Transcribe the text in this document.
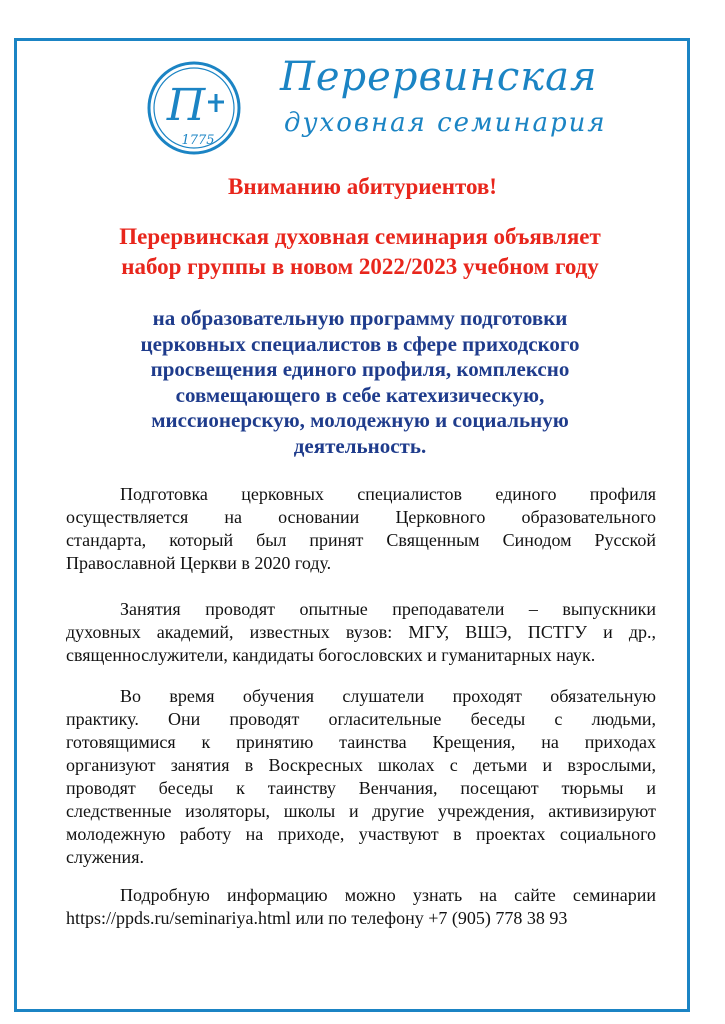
П
1775
Перервинская
духовная семинария
Вниманию абитуриентов!
Перервинская духовная семинария объявляет
набор группы в новом 2022/2023 учебном году
на образовательную программу подготовки
церковных специалистов в сфере приходского
просвещения единого профиля, комплексно
совмещающего в себе катехизическую,
миссионерскую, молодежную и социальную
деятельность.
Подготовка церковных специалистов единого профиля
осуществляется на основании Церковного образовательного
стандарта, который был принят Священным Синодом Русской
Православной Церкви в 2020 году.
Занятия проводят опытные преподаватели – выпускники
духовных академий, известных вузов: МГУ, ВШЭ, ПСТГУ и др.,
священнослужители, кандидаты богословских и гуманитарных наук.
Во время обучения слушатели проходят обязательную
практику. Они проводят огласительные беседы с людьми,
готовящимися к принятию таинства Крещения, на приходах
организуют занятия в Воскресных школах с детьми и взрослыми,
проводят беседы к таинству Венчания, посещают тюрьмы и
следственные изоляторы, школы и другие учреждения, активизируют
молодежную работу на приходе, участвуют в проектах социального
служения.
Подробную информацию можно узнать на сайте семинарии
https://ppds.ru/seminariya.html или по телефону +7 (905) 778 38 93
